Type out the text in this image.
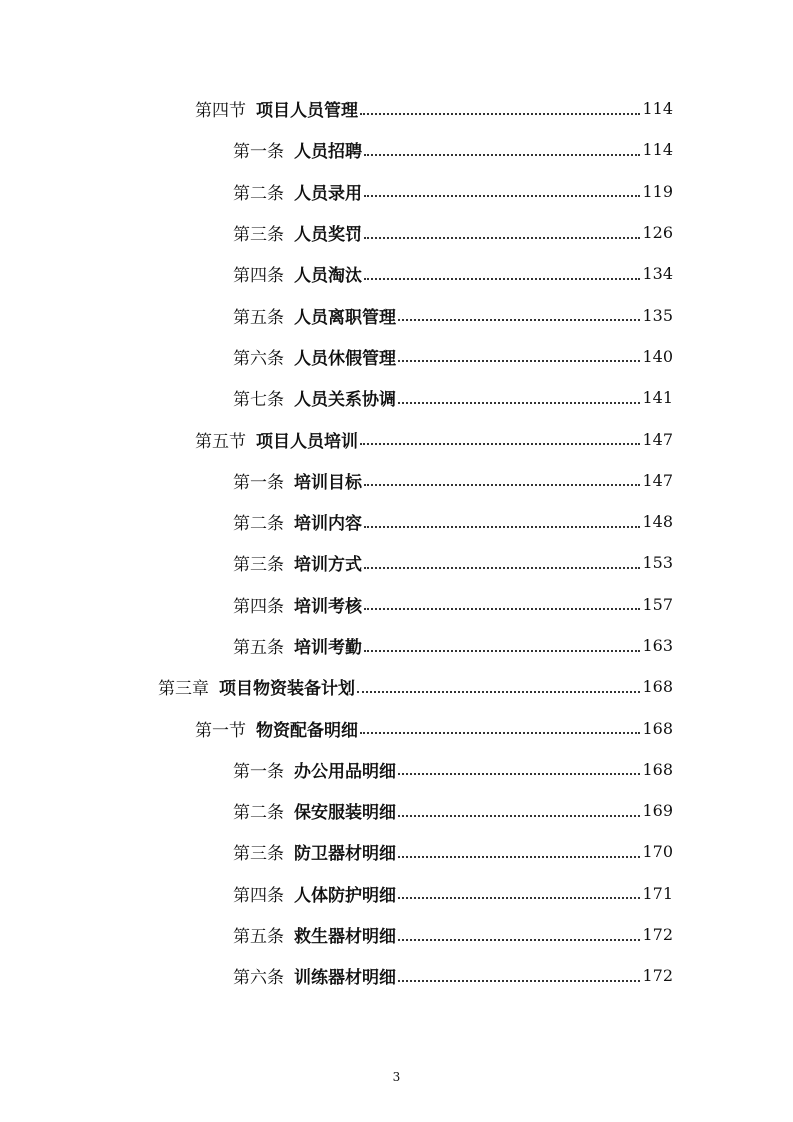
第四节 项目人员管理	114
第一条 人员招聘	114
第二条 人员录用	119
第三条 人员奖罚	126
第四条 人员淘汰	134
第五条 人员离职管理	135
第六条 人员休假管理	140
第七条 人员关系协调	141
第五节 项目人员培训	147
第一条 培训目标	147
第二条 培训内容	148
第三条 培训方式	153
第四条 培训考核	157
第五条 培训考勤	163
第三章 项目物资装备计划	168
第一节 物资配备明细	168
第一条 办公用品明细	168
第二条 保安服装明细	169
第三条 防卫器材明细	170
第四条 人体防护明细	171
第五条 救生器材明细	172
第六条 训练器材明细	172
3
